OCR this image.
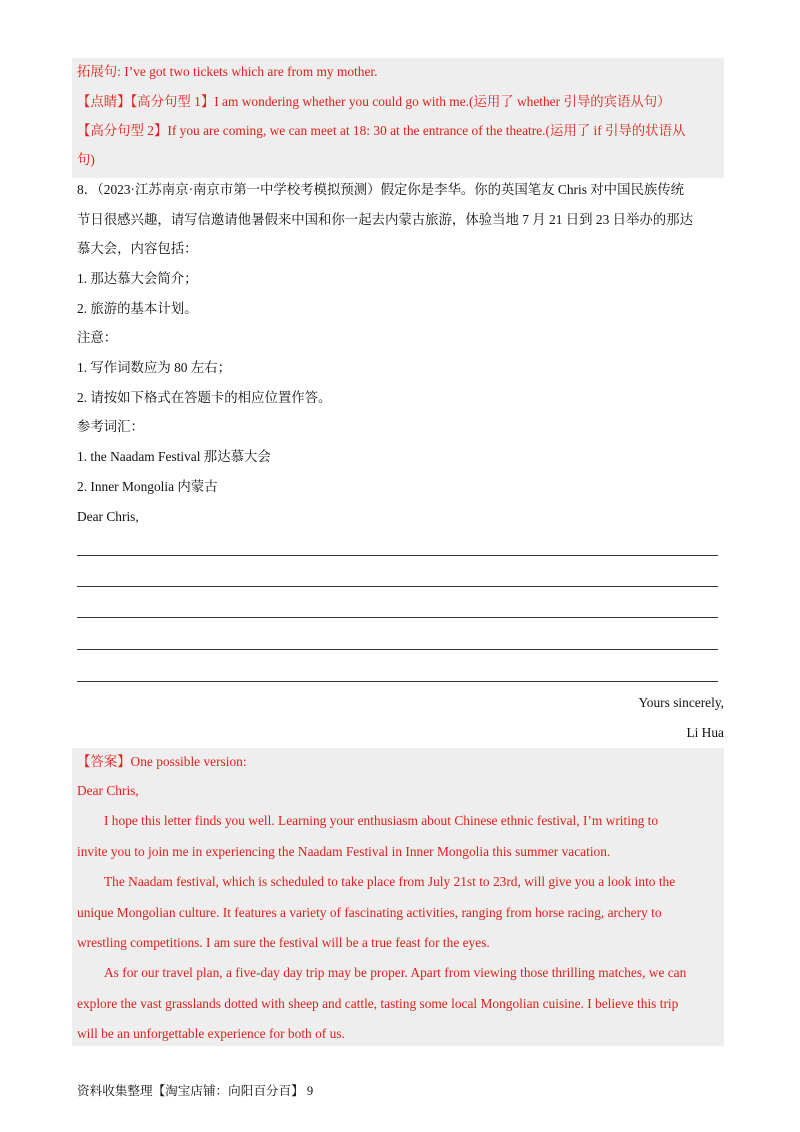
拓展句: I’ve got two tickets which are from my mother.
【点睛】【高分句型 1】I am wondering whether you could go with me.(运用了 whether 引导的宾语从句）
【高分句型 2】If you are coming, we can meet at 18: 30 at the entrance of the theatre.(运用了 if 引导的状语从
句)
8．（2023·江苏南京·南京市第一中学校考模拟预测）假定你是李华。你的英国笔友 Chris 对中国民族传统
节日很感兴趣，请写信邀请他暑假来中国和你一起去内蒙古旅游，体验当地 7 月 21 日到 23 日举办的那达
慕大会，内容包括：
1. 那达慕大会简介；
2. 旅游的基本计划。
注意：
1. 写作词数应为 80 左右；
2. 请按如下格式在答题卡的相应位置作答。
参考词汇：
1. the Naadam Festival 那达慕大会
2. Inner Mongolia 内蒙古
Dear Chris,
Yours sincerely,
Li Hua
【答案】One possible version:
Dear Chris,
I hope this letter finds you well. Learning your enthusiasm about Chinese ethnic festival, I’m writing to
invite you to join me in experiencing the Naadam Festival in Inner Mongolia this summer vacation.
The Naadam festival, which is scheduled to take place from July 21st to 23rd, will give you a look into the
unique Mongolian culture. It features a variety of fascinating activities, ranging from horse racing, archery to
wrestling competitions. I am sure the festival will be a true feast for the eyes.
As for our travel plan, a five-day day trip may be proper. Apart from viewing those thrilling matches, we can
explore the vast grasslands dotted with sheep and cattle, tasting some local Mongolian cuisine. I believe this trip
will be an unforgettable experience for both of us.
资料收集整理【淘宝店铺：向阳百分百】 9
